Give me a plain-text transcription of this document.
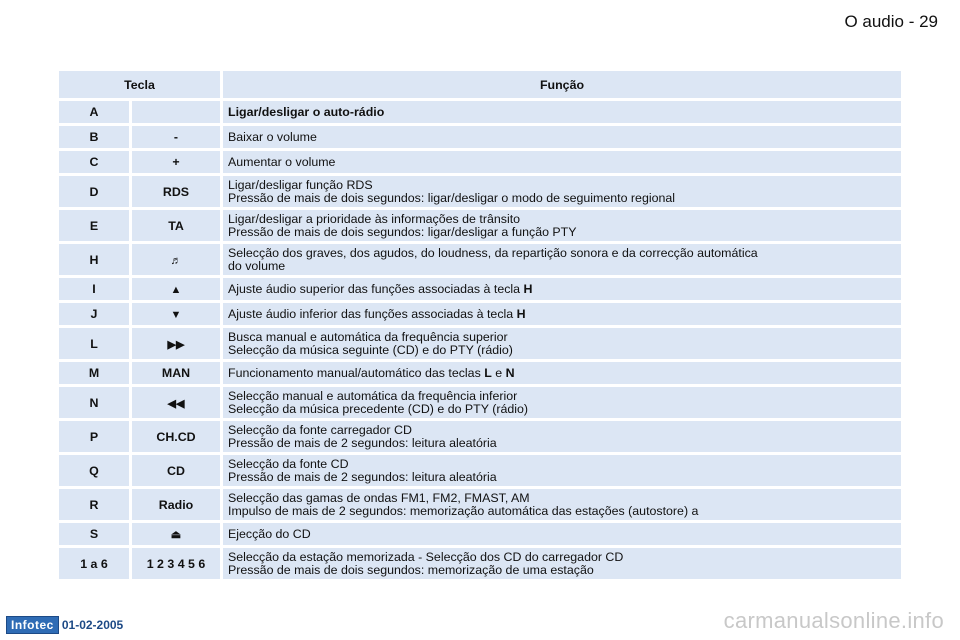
O audio - 29
Tecla		Função
A		Ligar/desligar o auto-rádio

B	-	Baixar o volume

C	+	Aumentar o volume

D	RDS	Ligar/desligar função RDS
Pressão de mais de dois segundos: ligar/desligar o modo de seguimento regional

E	TA	Ligar/desligar a prioridade às informações de trânsito
Pressão de mais de dois segundos: ligar/desligar a função PTY

H	♬	Selecção dos graves, dos agudos, do loudness, da repartição sonora e da correcção automática
do volume

I	▲	Ajuste áudio superior das funções associadas à tecla H

J	▼	Ajuste áudio inferior das funções associadas à tecla H

L	▶▶	Busca manual e automática da frequência superior
Selecção da música seguinte (CD) e do PTY (rádio)

M	MAN	Funcionamento manual/automático das teclas L e N

N	◀◀	Selecção manual e automática da frequência inferior
Selecção da música precedente (CD) e do PTY (rádio)

P	CH.CD	Selecção da fonte carregador CD
Pressão de mais de 2 segundos: leitura aleatória

Q	CD	Selecção da fonte CD
Pressão de mais de 2 segundos: leitura aleatória

R	Radio	Selecção das gamas de ondas FM1, FM2, FMAST, AM
Impulso de mais de 2 segundos: memorização automática das estações (autostore) a

S	⏏	Ejecção do CD

1 a 6	1 2 3 4 5 6	Selecção da estação memorizada - Selecção dos CD do carregador CD
Pressão de mais de dois segundos: memorização de uma estação
Infotec 01-02-2005	carmanualsonline.info
